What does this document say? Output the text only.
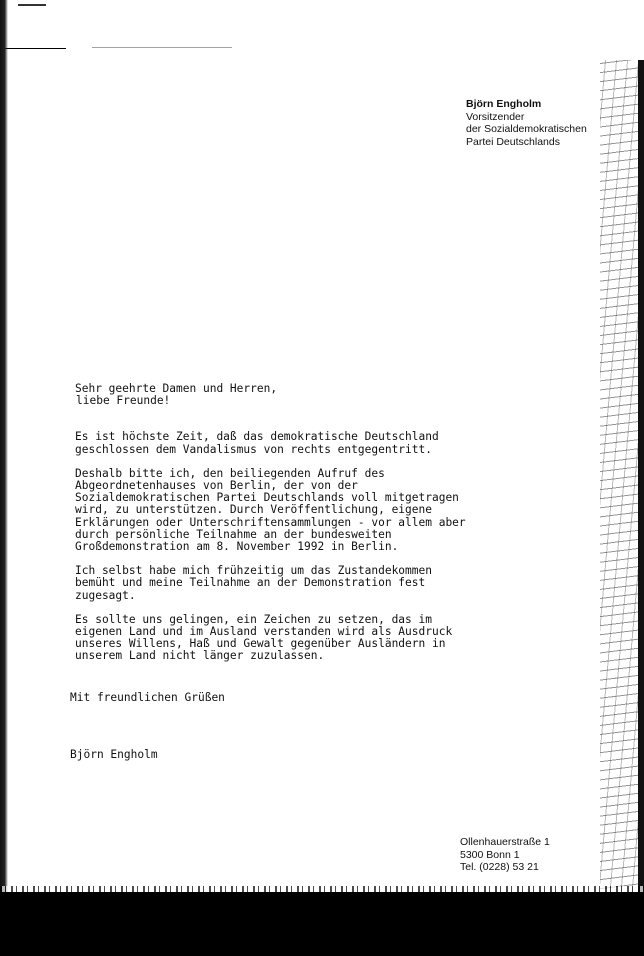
Björn Engholm
Vorsitzender
der Sozialdemokratischen
Partei Deutschlands
Sehr geehrte Damen und Herren,
liebe Freunde!
Es ist höchste Zeit, daß das demokratische Deutschland
geschlossen dem Vandalismus von rechts entgegentritt.
Deshalb bitte ich, den beiliegenden Aufruf des
Abgeordnetenhauses von Berlin, der von der
Sozialdemokratischen Partei Deutschlands voll mitgetragen
wird, zu unterstützen. Durch Veröffentlichung, eigene
Erklärungen oder Unterschriftensammlungen - vor allem aber
durch persönliche Teilnahme an der bundesweiten
Großdemonstration am 8. November 1992 in Berlin.
Ich selbst habe mich frühzeitig um das Zustandekommen
bemüht und meine Teilnahme an der Demonstration fest
zugesagt.
Es sollte uns gelingen, ein Zeichen zu setzen, das im
eigenen Land und im Ausland verstanden wird als Ausdruck
unseres Willens, Haß und Gewalt gegenüber Ausländern in
unserem Land nicht länger zuzulassen.
Mit freundlichen Grüßen
Björn Engholm
Ollenhauerstraße 1
5300 Bonn 1
Tel. (0228) 53 21
